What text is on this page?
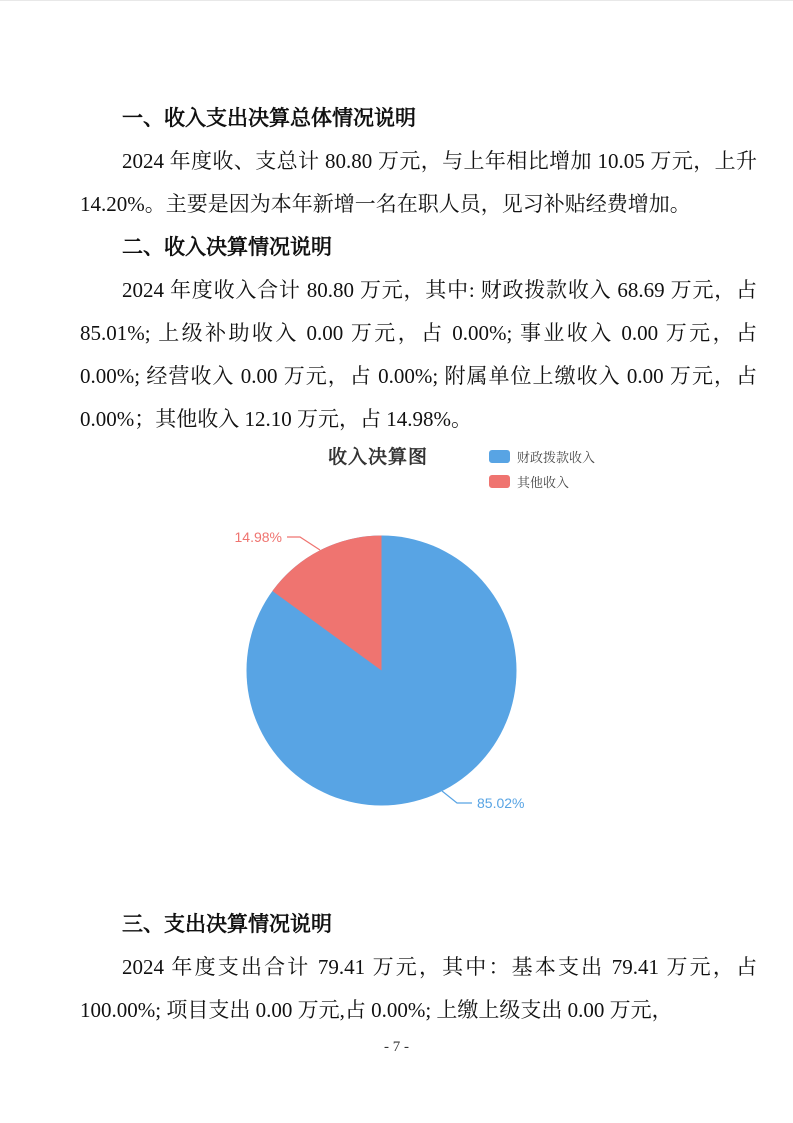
一、收入支出决算总体情况说明

2024 年度收、支总计 80.80 万元，与上年相比增加 10.05 万元，上升 14.20%。主要是因为本年新增一名在职人员，见习补贴经费增加。

二、收入决算情况说明

2024 年度收入合计 80.80 万元，其中: 财政拨款收入 68.69 万元，占 85.01%; 上级补助收入 0.00 万元，占 0.00%; 事业收入 0.00 万元，占 0.00%; 经营收入 0.00 万元，占 0.00%; 附属单位上缴收入 0.00 万元，占 0.00%；其他收入 12.10 万元，占 14.98%。

收入决算图	财政拨款收入
其他收入
14.98%
85.02%
三、支出决算情况说明

2024 年度支出合计 79.41 万元，其中：基本支出 79.41 万元，占 100.00%; 项目支出 0.00 万元,占 0.00%; 上缴上级支出 0.00 万元，

- 7 -
